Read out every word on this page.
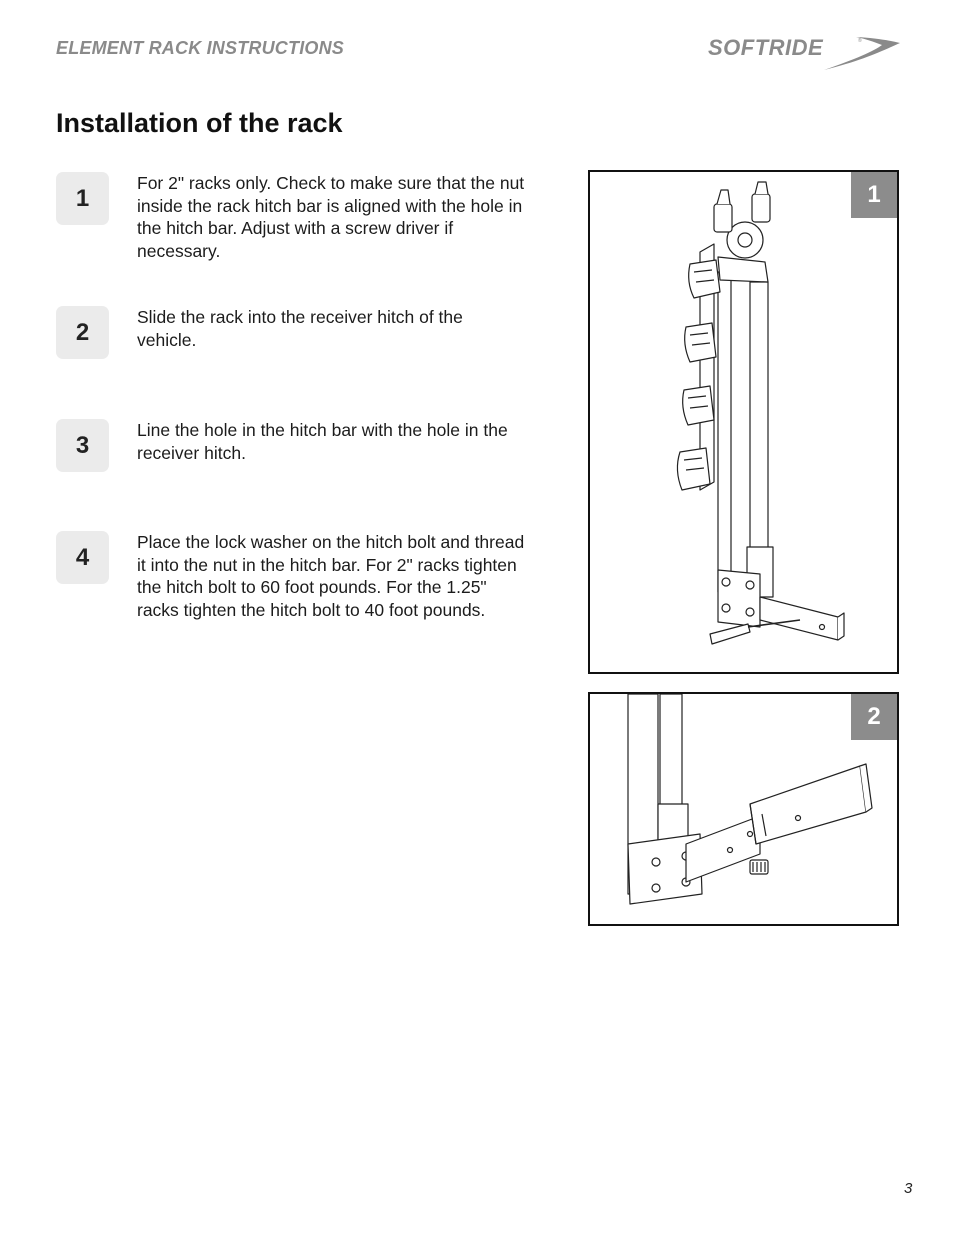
ELEMENT RACK INSTRUCTIONS	SOFTRIDE	®
Installation of the rack
1
For 2" racks only. Check to make sure that the nut inside the rack hitch bar is aligned with the hole in the hitch bar. Adjust with a screw driver if necessary.
2
Slide the rack into the receiver hitch of the vehicle.
3
Line the hole in the hitch bar with the hole in the receiver hitch.
4
Place the lock washer on the hitch bolt and thread it into the nut in the hitch bar. For 2" racks tighten the hitch bolt to 60 foot pounds. For the 1.25" racks tighten the hitch bolt to 40 foot pounds.
1
2
3
